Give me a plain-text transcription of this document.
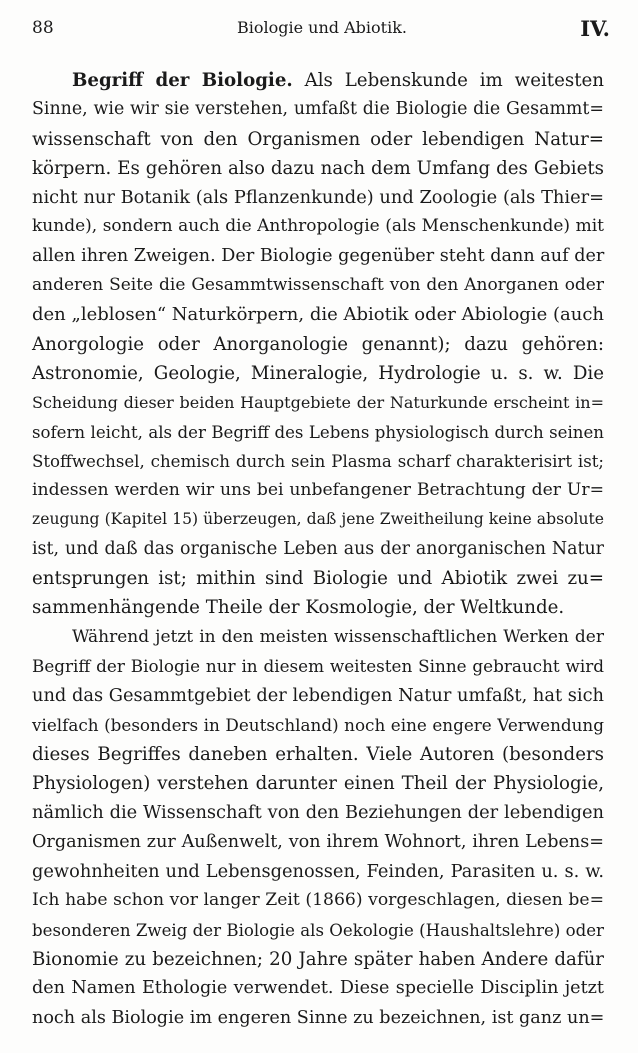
88	Biologie und Abiotik.	IV.
Begriff der Biologie. Als Lebenskunde im weitesten
Sinne, wie wir sie verstehen, umfaßt die Biologie die Gesammt=
wissenschaft von den Organismen oder lebendigen Natur=
körpern. Es gehören also dazu nach dem Umfang des Gebiets
nicht nur Botanik (als Pflanzenkunde) und Zoologie (als Thier=
kunde), sondern auch die Anthropologie (als Menschenkunde) mit
allen ihren Zweigen. Der Biologie gegenüber steht dann auf der
anderen Seite die Gesammtwissenschaft von den Anorganen oder
den „leblosen“ Naturkörpern, die Abiotik oder Abiologie (auch
Anorgologie oder Anorganologie genannt); dazu gehören:
Astronomie, Geologie, Mineralogie, Hydrologie u. s. w. Die
Scheidung dieser beiden Hauptgebiete der Naturkunde erscheint in=
sofern leicht, als der Begriff des Lebens physiologisch durch seinen
Stoffwechsel, chemisch durch sein Plasma scharf charakterisirt ist;
indessen werden wir uns bei unbefangener Betrachtung der Ur=
zeugung (Kapitel 15) überzeugen, daß jene Zweitheilung keine absolute
ist, und daß das organische Leben aus der anorganischen Natur
entsprungen ist; mithin sind Biologie und Abiotik zwei zu=
sammenhängende Theile der Kosmologie, der Weltkunde.
Während jetzt in den meisten wissenschaftlichen Werken der
Begriff der Biologie nur in diesem weitesten Sinne gebraucht wird
und das Gesammtgebiet der lebendigen Natur umfaßt, hat sich
vielfach (besonders in Deutschland) noch eine engere Verwendung
dieses Begriffes daneben erhalten. Viele Autoren (besonders
Physiologen) verstehen darunter einen Theil der Physiologie,
nämlich die Wissenschaft von den Beziehungen der lebendigen
Organismen zur Außenwelt, von ihrem Wohnort, ihren Lebens=
gewohnheiten und Lebensgenossen, Feinden, Parasiten u. s. w.
Ich habe schon vor langer Zeit (1866) vorgeschlagen, diesen be=
besonderen Zweig der Biologie als Oekologie (Haushaltslehre) oder
Bionomie zu bezeichnen; 20 Jahre später haben Andere dafür
den Namen Ethologie verwendet. Diese specielle Disciplin jetzt
noch als Biologie im engeren Sinne zu bezeichnen, ist ganz un=
